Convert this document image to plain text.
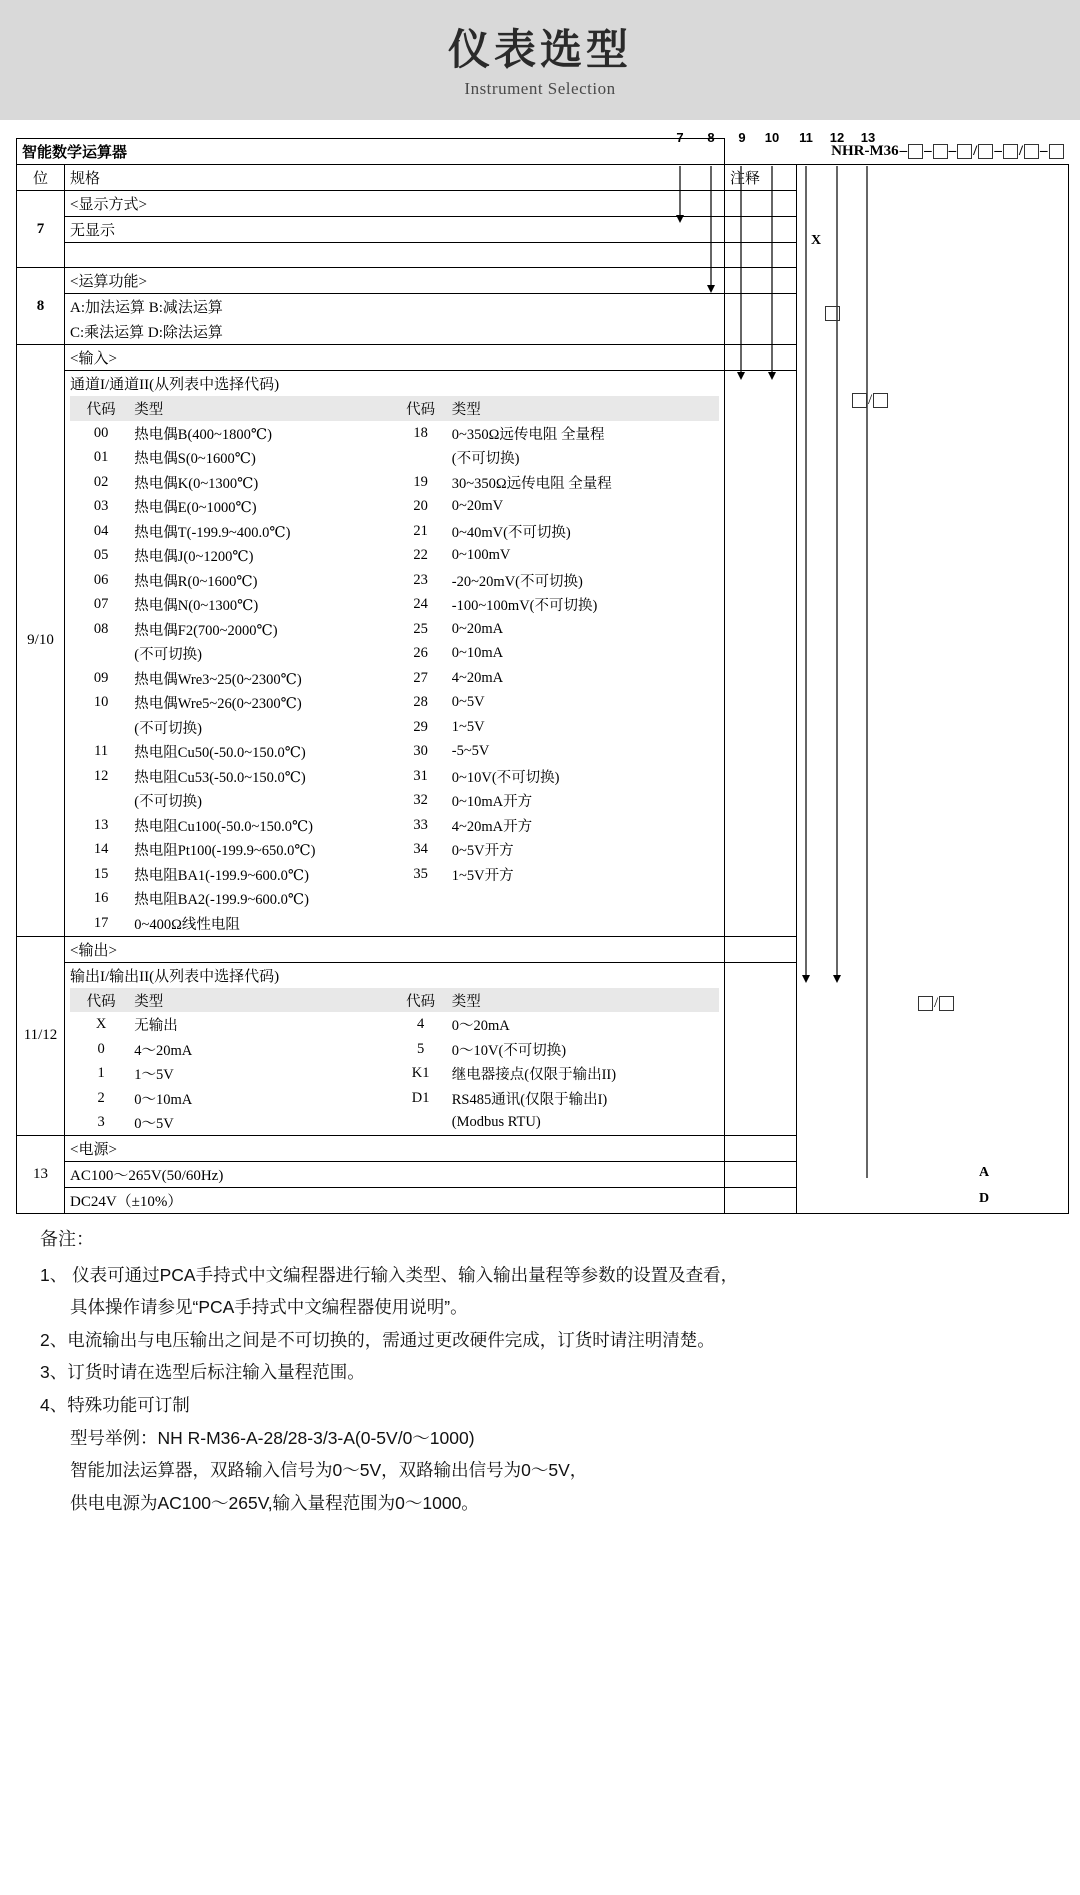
仪表选型
Instrument Selection
7	8	9	10	11	12 13
智能数学运算器	NHR-M36– – – / – / –
位	规格	注释	
X
/
/
A
D

7	<显示方式>	
无显示	

8	<运算功能>	
A:加法运算 B:减法运算	
C:乘法运算 D:除法运算
9/10	<输入>	
通道I/通道II(从列表中选择代码)	

代码	类型	代码	类型

00	热电偶B(400~1800℃)	18	0~350Ω远传电阻 全量程
01	热电偶S(0~1600℃)		(不可切换)
02	热电偶K(0~1300℃)	19	30~350Ω远传电阻 全量程
03	热电偶E(0~1000℃)	20	0~20mV
04	热电偶T(-199.9~400.0℃)	21	0~40mV(不可切换)
05	热电偶J(0~1200℃)	22	0~100mV
06	热电偶R(0~1600℃)	23	-20~20mV(不可切换)
07	热电偶N(0~1300℃)	24	-100~100mV(不可切换)
08	热电偶F2(700~2000℃)	25	0~20mA
	(不可切换)	26	0~10mA
09	热电偶Wre3~25(0~2300℃)	27	4~20mA
10	热电偶Wre5~26(0~2300℃)	28	0~5V
	(不可切换)	29	1~5V
11	热电阻Cu50(-50.0~150.0℃)	30	-5~5V
12	热电阻Cu53(-50.0~150.0℃)	31	0~10V(不可切换)
	(不可切换)	32	0~10mA开方
13	热电阻Cu100(-50.0~150.0℃)	33	4~20mA开方
14	热电阻Pt100(-199.9~650.0℃)	34	0~5V开方
15	热电阻BA1(-199.9~600.0℃)	35	1~5V开方
16	热电阻BA2(-199.9~600.0℃)		
17	0~400Ω线性电阻		

11/12	<输出>	
输出I/输出II(从列表中选择代码)	

代码	类型	代码	类型

X	无输出	4	0～20mA
0	4～20mA	5	0～10V(不可切换)
1	1～5V	K1	继电器接点(仅限于输出II)
2	0～10mA	D1	RS485通讯(仅限于输出I)
3	0～5V		(Modbus RTU)

13	<电源>	
AC100～265V(50/60Hz)	
DC24V（±10%）	

备注：

1、 仪表可通过PCA手持式中文编程器进行输入类型、输入输出量程等参数的设置及查看，

具体操作请参见“PCA手持式中文编程器使用说明”。

2、电流输出与电压输出之间是不可切换的，需通过更改硬件完成，订货时请注明清楚。

3、订货时请在选型后标注输入量程范围。

4、特殊功能可订制

型号举例：NH R-M36-A-28/28-3/3-A(0-5V/0～1000)

智能加法运算器，双路输入信号为0～5V，双路输出信号为0～5V，

供电电源为AC100～265V,输入量程范围为0～1000。
